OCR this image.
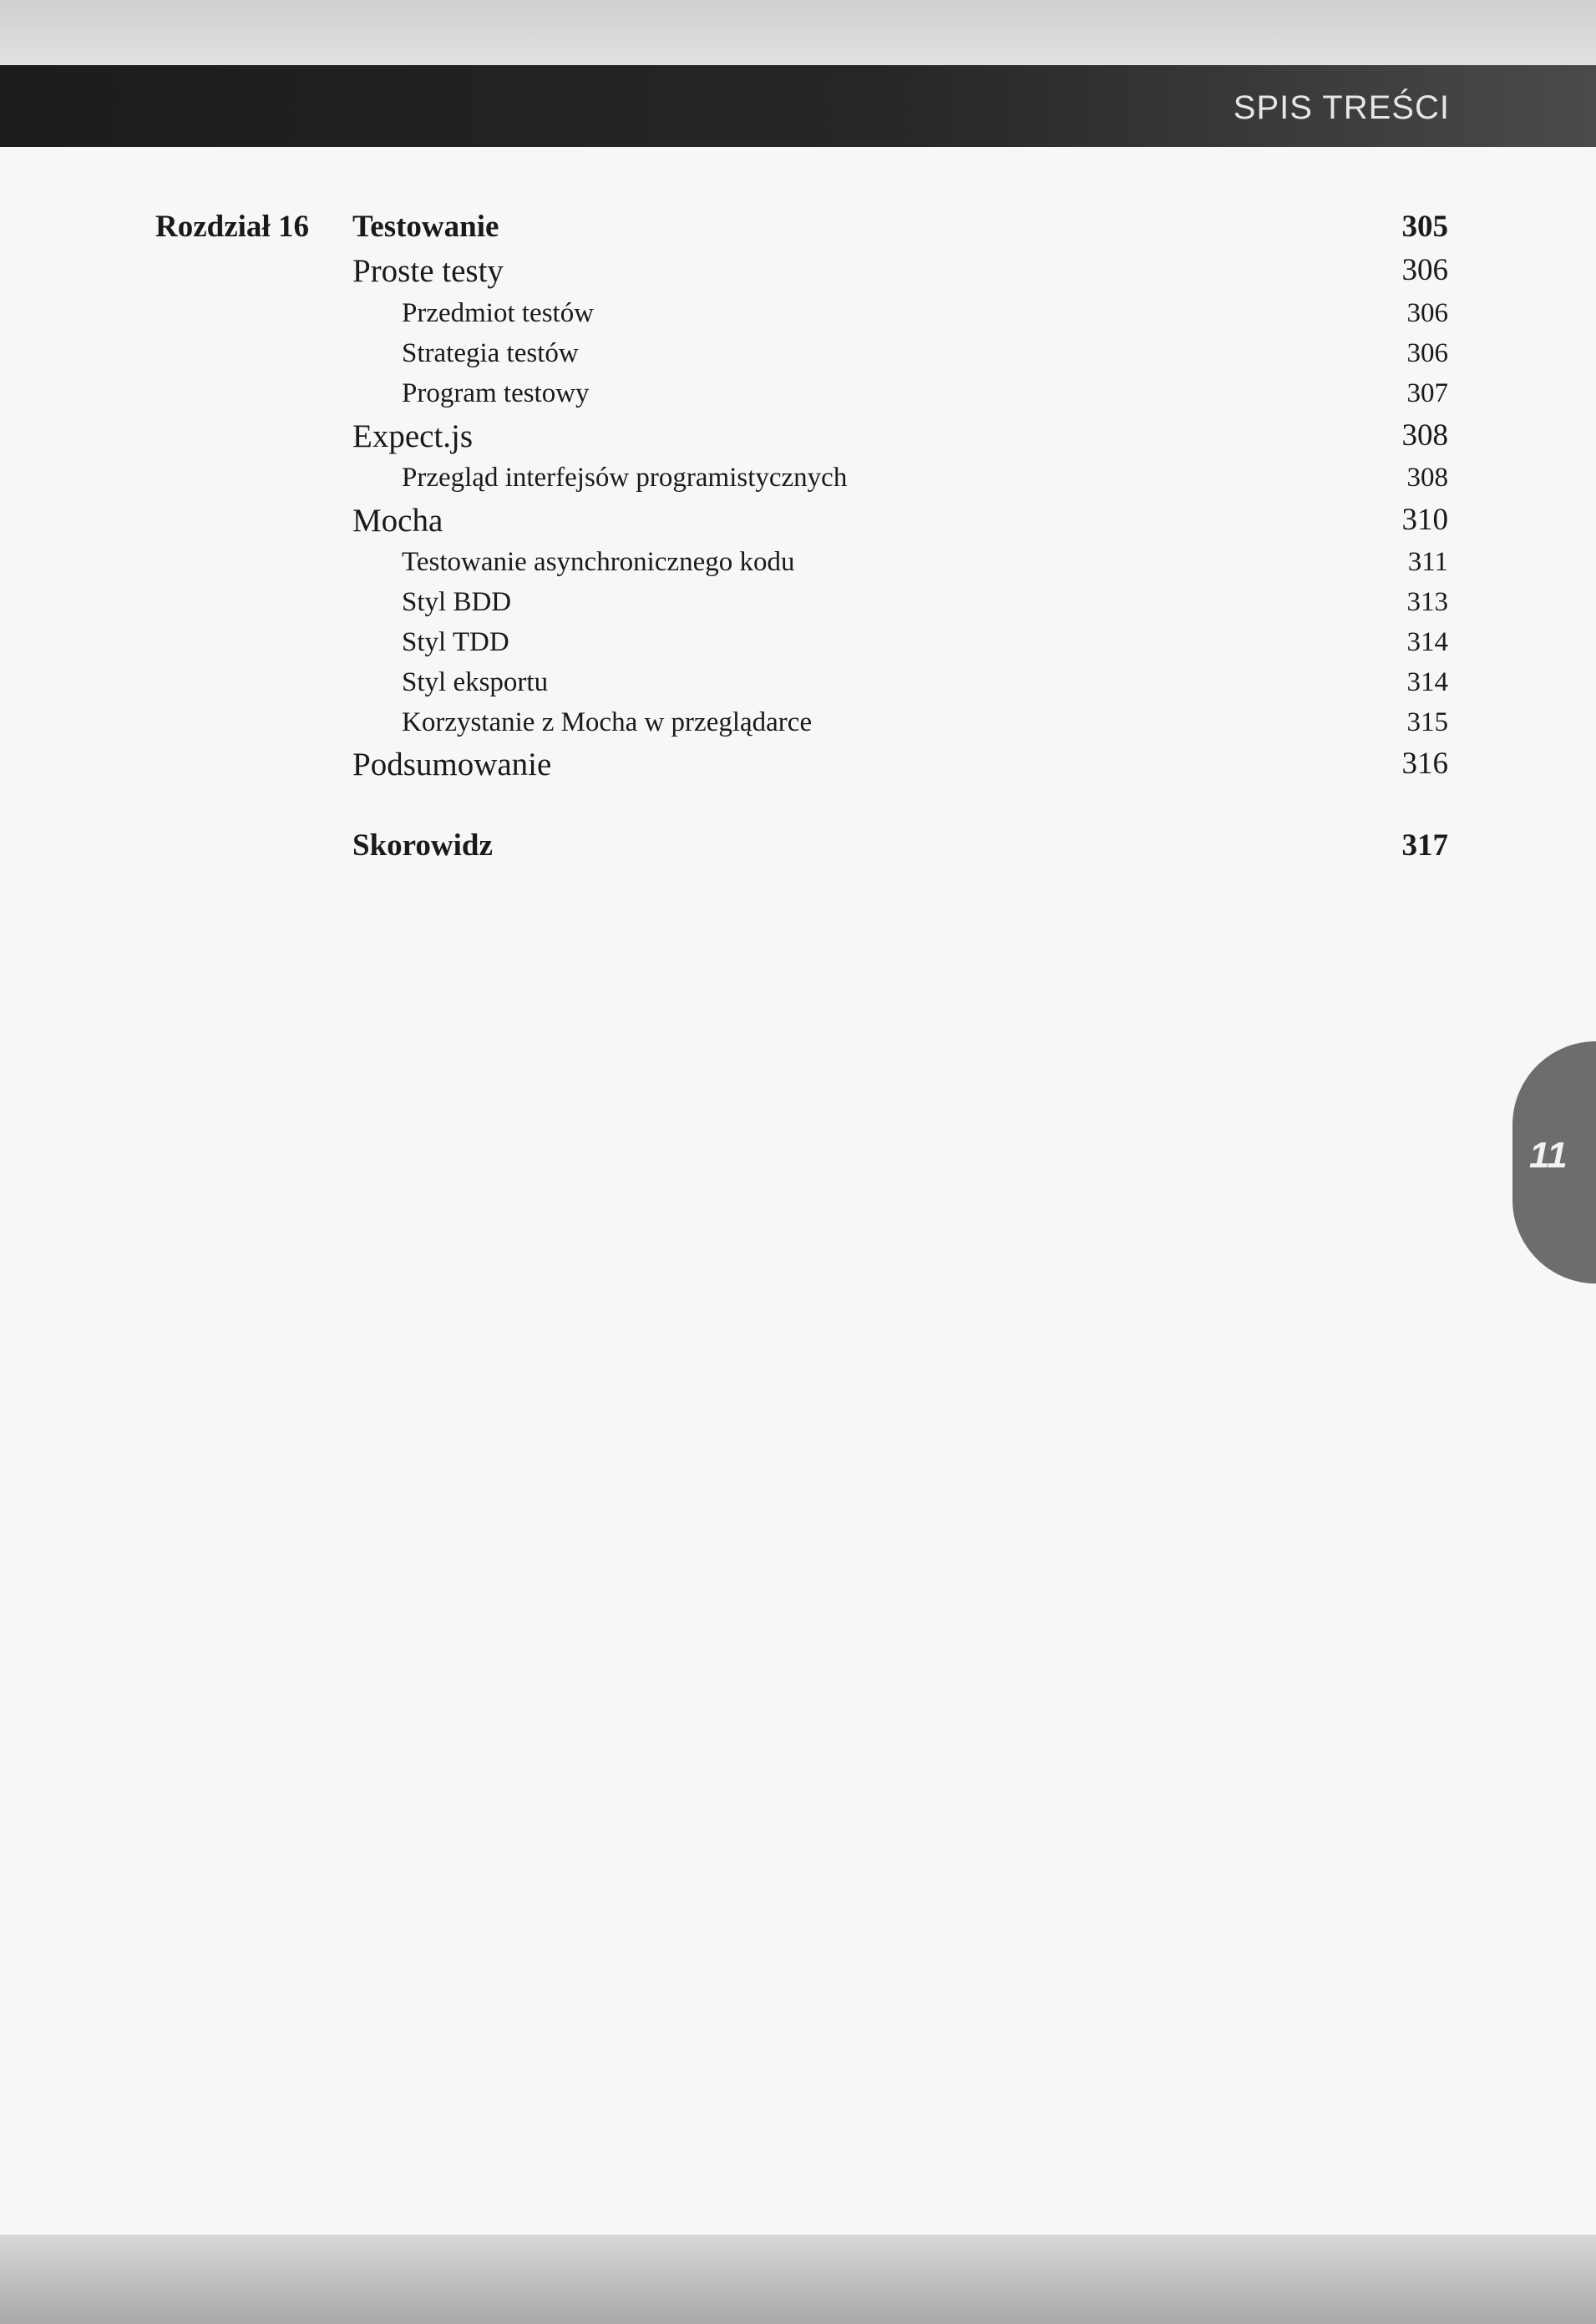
SPIS TREŚCI
Rozdział 16 Testowanie	305
Proste testy	306
Przedmiot testów	306
Strategia testów	306
Program testowy	307
Expect.js	308
Przegląd interfejsów programistycznych	308
Mocha	310
Testowanie asynchronicznego kodu	311
Styl BDD	313
Styl TDD	314
Styl eksportu	314
Korzystanie z Mocha w przeglądarce	315
Podsumowanie	316
Skorowidz	317
11
